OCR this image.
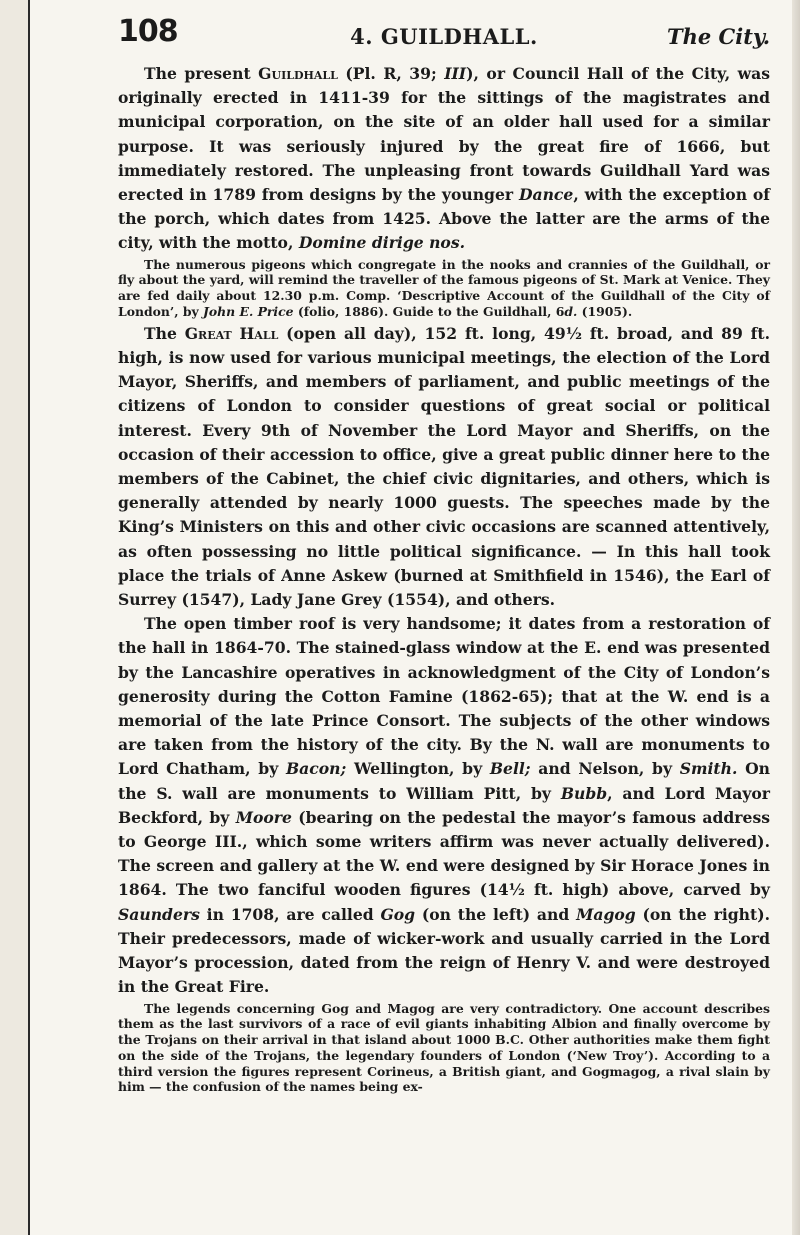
108	4. GUILDHALL.	The City.

The present Guildhall (Pl. R, 39; III), or Council Hall of the City, was originally erected in 1411-39 for the sittings of the magistrates and municipal corporation, on the site of an older hall used for a similar purpose. It was seriously injured by the great fire of 1666, but immediately restored. The unpleasing front towards Guildhall Yard was erected in 1789 from designs by the younger Dance, with the exception of the porch, which dates from 1425. Above the latter are the arms of the city, with the motto, Domine dirige nos.

The numerous pigeons which congregate in the nooks and crannies of the Guildhall, or fly about the yard, will remind the traveller of the famous pigeons of St. Mark at Venice. They are fed daily about 12.30 p.m. Comp. ‘Descriptive Account of the Guildhall of the City of London’, by John E. Price (folio, 1886). Guide to the Guildhall, 6d. (1905).

The Great Hall (open all day), 152 ft. long, 49½ ft. broad, and 89 ft. high, is now used for various municipal meetings, the election of the Lord Mayor, Sheriffs, and members of parliament, and public meetings of the citizens of London to consider questions of great social or political interest. Every 9th of November the Lord Mayor and Sheriffs, on the occasion of their accession to office, give a great public dinner here to the members of the Cabinet, the chief civic dignitaries, and others, which is generally attended by nearly 1000 guests. The speeches made by the King’s Ministers on this and other civic occasions are scanned attentively, as often possessing no little political significance. — In this hall took place the trials of Anne Askew (burned at Smithfield in 1546), the Earl of Surrey (1547), Lady Jane Grey (1554), and others.

The open timber roof is very handsome; it dates from a restoration of the hall in 1864-70. The stained-glass window at the E. end was presented by the Lancashire operatives in acknowledgment of the City of London’s generosity during the Cotton Famine (1862-65); that at the W. end is a memorial of the late Prince Consort. The subjects of the other windows are taken from the history of the city. By the N. wall are monuments to Lord Chatham, by Bacon; Wellington, by Bell; and Nelson, by Smith. On the S. wall are monuments to William Pitt, by Bubb, and Lord Mayor Beckford, by Moore (bearing on the pedestal the mayor’s famous address to George III., which some writers affirm was never actually delivered). The screen and gallery at the W. end were designed by Sir Horace Jones in 1864. The two fanciful wooden figures (14½ ft. high) above, carved by Saunders in 1708, are called Gog (on the left) and Magog (on the right). Their predecessors, made of wicker-work and usually carried in the Lord Mayor’s procession, dated from the reign of Henry V. and were destroyed in the Great Fire.

The legends concerning Gog and Magog are very contradictory. One account describes them as the last survivors of a race of evil giants inhabiting Albion and finally overcome by the Trojans on their arrival in that island about 1000 B.C. Other authorities make them fight on the side of the Trojans, the legendary founders of London (‘New Troy’). According to a third version the figures represent Corineus, a British giant, and Gogmagog, a rival slain by him — the confusion of the names being ex-
